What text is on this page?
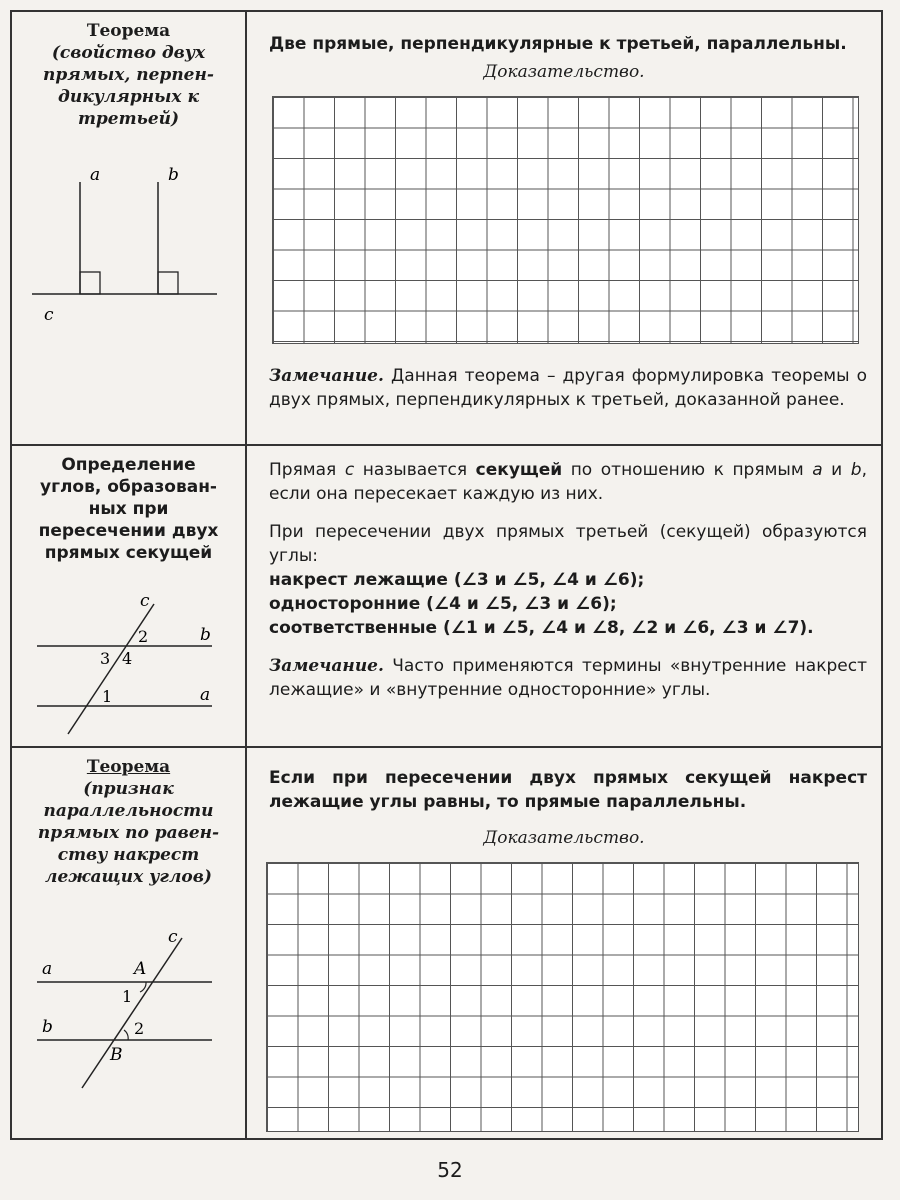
Теорема
(свойство двух
прямых, перпен-
дикулярных к
третьей)
a	b
c
Две прямые, перпендикулярные к третьей, параллельны.
Доказательство.
Замечание. Данная теорема – другая формулировка теоремы о двух прямых, перпендикулярных к третьей, доказанной ранее.
Определение
углов, образован-
ных при
пересечении двух
прямых секущей
c
b
a
2
3 4
1

Прямая c называется секущей по отношению к прямым a и b, если она пересекает каждую из них.

При пересечении двух прямых третьей (секущей) образуются углы:

накрест лежащие (∠3 и ∠5, ∠4 и ∠6);

односторонние (∠4 и ∠5, ∠3 и ∠6);

соответственные (∠1 и ∠5, ∠4 и ∠8, ∠2 и ∠6, ∠3 и ∠7).

Замечание. Часто применяются термины «внутренние накрест лежащие» и «внутренние односторонние» углы.

Теорема
(признак
параллельности
прямых по равен-
ству накрест
лежащих углов)
c
a
b
A
B
1
2
Если при пересечении двух прямых секущей накрест лежащие углы равны, то прямые параллельны.
Доказательство.
52
